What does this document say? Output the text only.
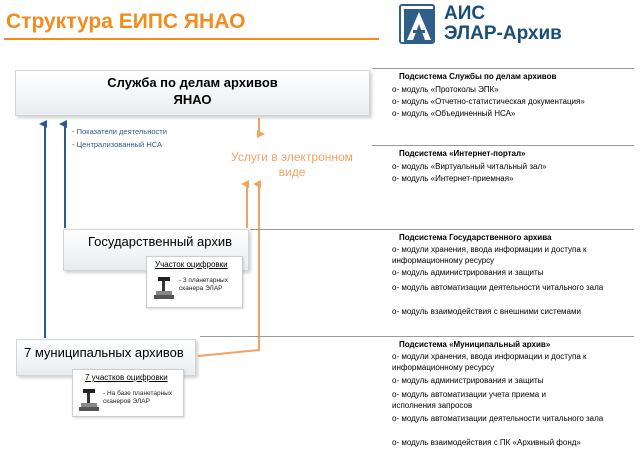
Структура ЕИПС ЯНАО	АИС
ЭЛАР-Архив
Служба по делам архивов
ЯНАО
- Показатели деятельности
- Централизованный НСА
Услуги в электронном
виде
Государственный архив
Участок оцифровки
- 3 планетарных
сканера ЭЛАР
7 муниципальных архивов
7 участков оцифровки
- На базе планетарных
сканеров ЭЛАР
Подсистема Службы по делам архивов
о- модуль «Протоколы ЭПК»
о- модуль «Отчетно-статистическая документация»
о- модуль «Объединенный НСА»
Подсистема «Интернет-портал»
о- модуль «Виртуальный читальный зал»
о- модуль «Интернет-приемная»
Подсистема Государственного архива
о- модули хранения, ввода информации и доступа к информационному ресурсу
о- модуль администрирования и защиты
о- модуль автоматизации деятельности читального зала
о- модуль взаимодействия с внешними системами
Подсистема «Муниципальный архив»
о- модули хранения, ввода информации и доступа к информационному ресурсу
о- модуль администрирования и защиты
о- модуль автоматизации учета приема и исполнения запросов
о- модуль автоматизации деятельности читального зала
о- модуль взаимодействия с ПК «Архивный фонд»
